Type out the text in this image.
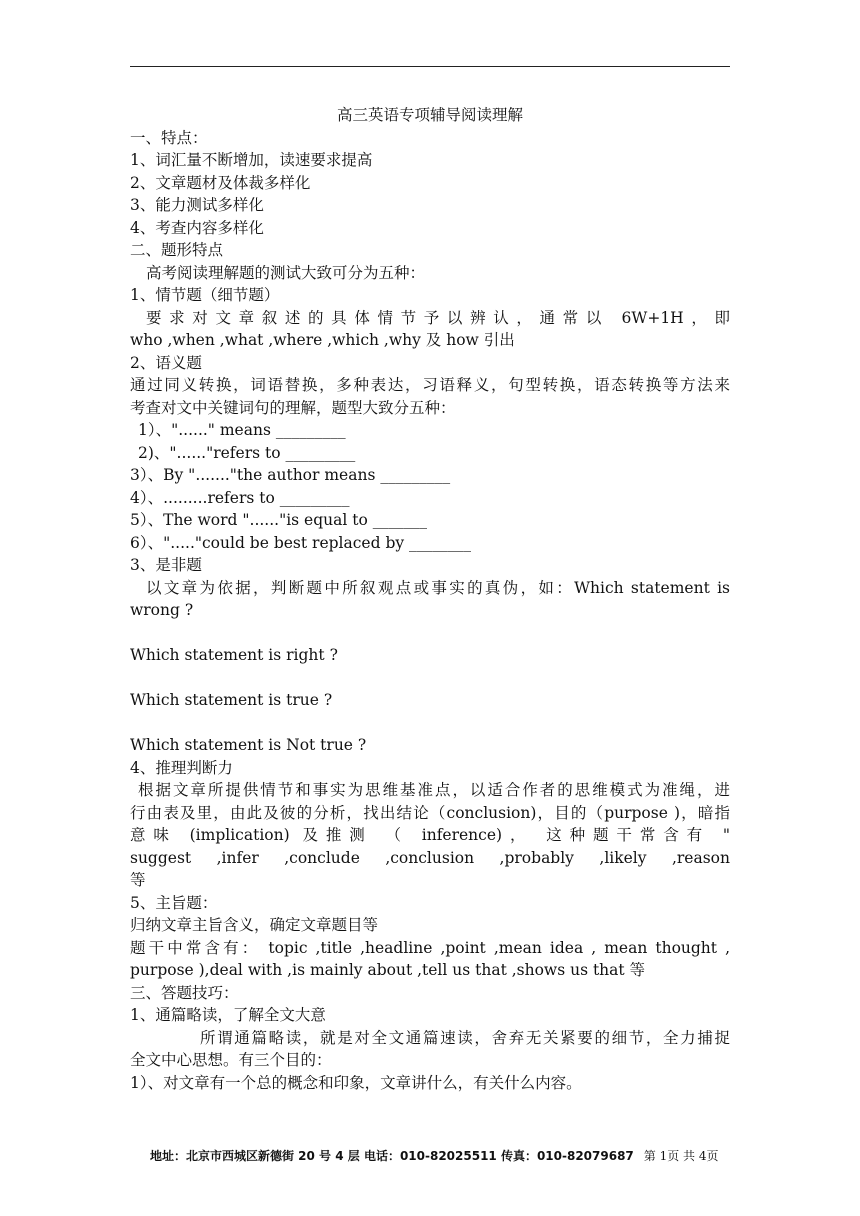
高三英语专项辅导阅读理解
一、特点：
1、词汇量不断增加，读速要求提高
2、文章题材及体裁多样化
3、能力测试多样化
4、考查内容多样化
二、题形特点
高考阅读理解题的测试大致可分为五种：
1、情节题（细节题）
要求对文章叙述的具体情节予以辨认，通常以 6W+1H，即
who ,when ,what ,where ,which ,why 及 how 引出
2、语义题
通过同义转换，词语替换，多种表达，习语释义，句型转换，语态转换等方法来
考查对文中关键词句的理解，题型大致分五种：
1）、"......" means _________
2)、"......"refers to _________
3）、By "......."the author means _________
4）、.........refers to _________
5）、The word "......"is equal to _______
6）、"....."could be best replaced by ________
3、是非题
以文章为依据，判断题中所叙观点或事实的真伪，如：Which statement is
wrong ?
Which statement is right ?
Which statement is true ?
Which statement is Not true ?
4、推理判断力
根据文章所提供情节和事实为思维基准点，以适合作者的思维模式为准绳，进
行由表及里，由此及彼的分析，找出结论（conclusion)，目的（purpose )，暗指
意味 (implication) 及推测 （ inference)， 这种题干常含有 "
suggest ,infer ,conclude ,conclusion ,probably ,likely ,reason
等
5、主旨题：
归纳文章主旨含义，确定文章题目等
题干中常含有： topic ,title ,headline ,point ,mean idea , mean thought ,
purpose ),deal with ,is mainly about ,tell us that ,shows us that 等
三、答题技巧：
1、通篇略读，了解全文大意
所谓通篇略读，就是对全文通篇速读，舍弃无关紧要的细节，全力捕捉
全文中心思想。有三个目的：
1）、对文章有一个总的概念和印象，文章讲什么，有关什么内容。
地址：北京市西城区新德街 20 号 4 层 电话：010-82025511 传真：010-82079687 第 1页 共 4页
